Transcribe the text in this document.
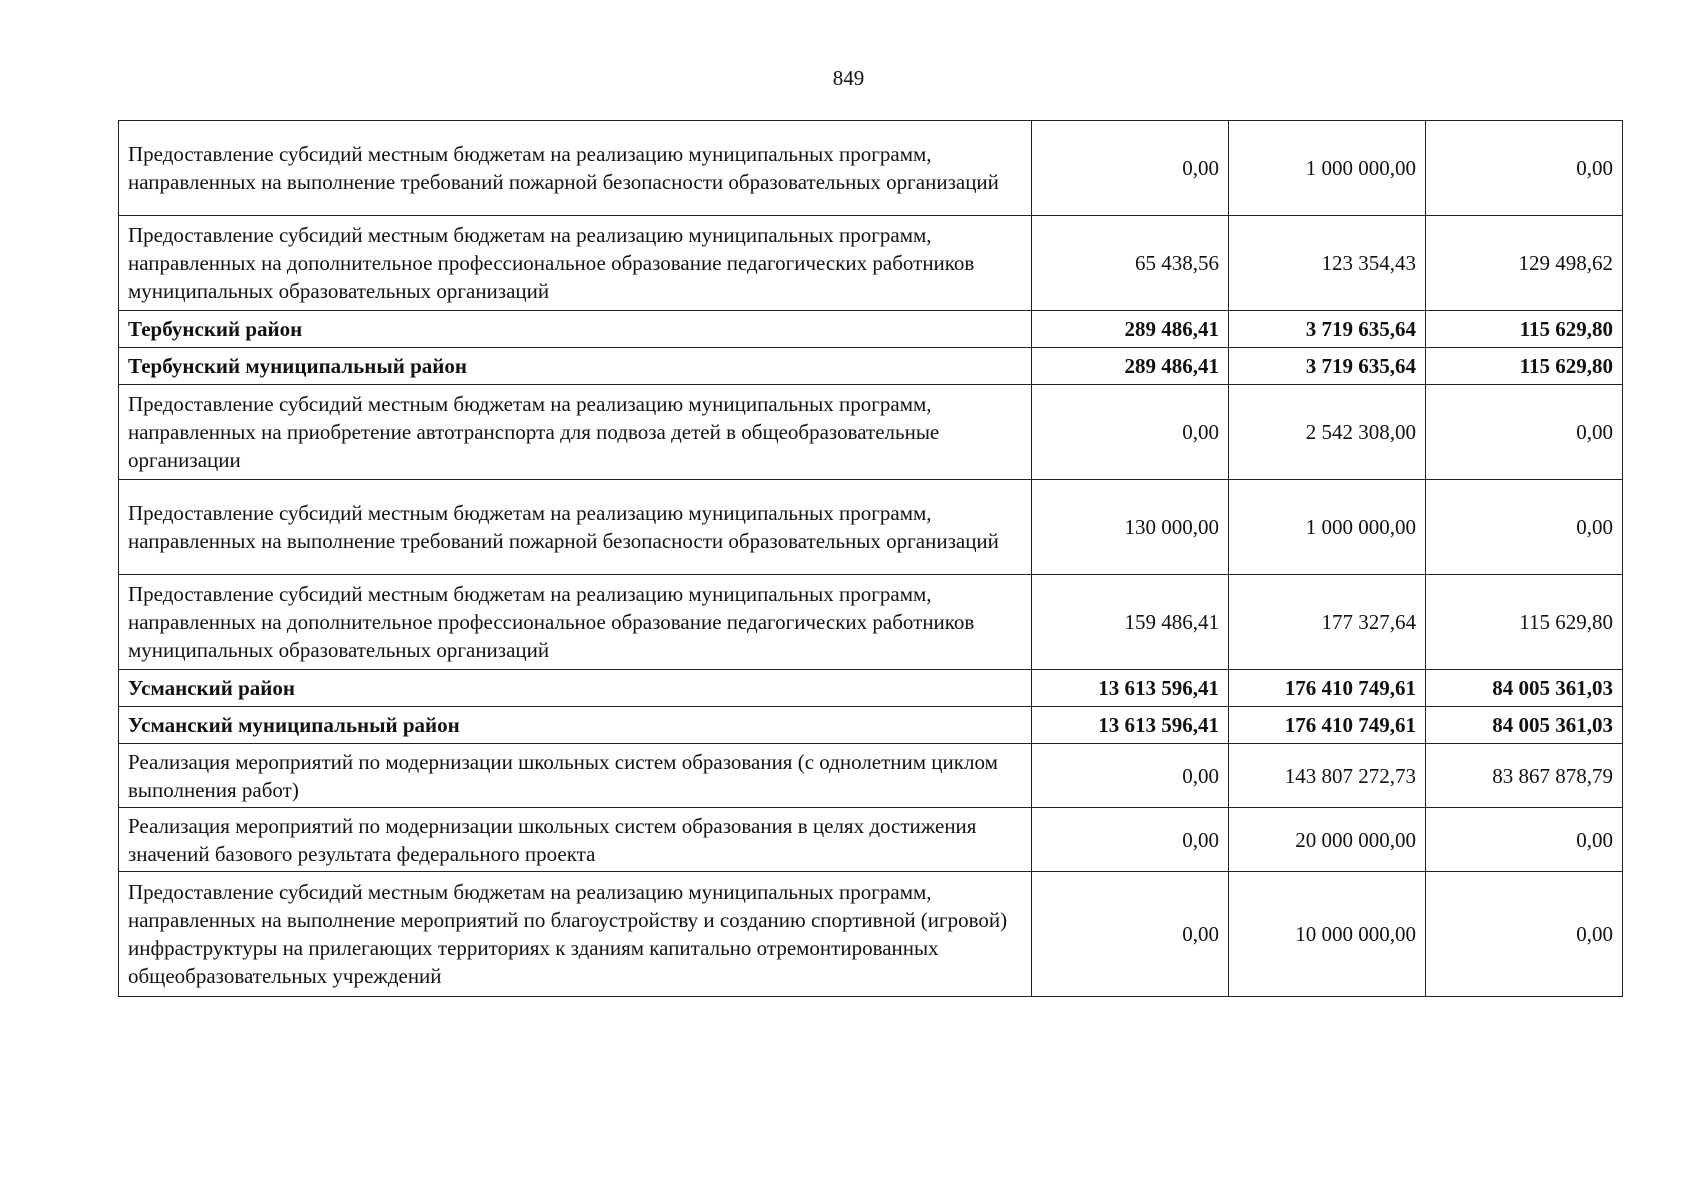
849
Предоставление субсидий местным бюджетам на реализацию муниципальных программ, направленных на выполнение требований пожарной безопасности образовательных организаций	0,00	1 000 000,00	0,00
Предоставление субсидий местным бюджетам на реализацию муниципальных программ, направленных на дополнительное профессиональное образование педагогических работников муниципальных образовательных организаций	65 438,56	123 354,43	129 498,62
Тербунский район	289 486,41	3 719 635,64	115 629,80
Тербунский муниципальный район	289 486,41	3 719 635,64	115 629,80
Предоставление субсидий местным бюджетам на реализацию муниципальных программ, направленных на приобретение автотранспорта для подвоза детей в общеобразовательные организации	0,00	2 542 308,00	0,00
Предоставление субсидий местным бюджетам на реализацию муниципальных программ, направленных на выполнение требований пожарной безопасности образовательных организаций	130 000,00	1 000 000,00	0,00
Предоставление субсидий местным бюджетам на реализацию муниципальных программ, направленных на дополнительное профессиональное образование педагогических работников муниципальных образовательных организаций	159 486,41	177 327,64	115 629,80
Усманский район	13 613 596,41	176 410 749,61	84 005 361,03
Усманский муниципальный район	13 613 596,41	176 410 749,61	84 005 361,03
Реализация мероприятий по модернизации школьных систем образования (с однолетним циклом выполнения работ)	0,00	143 807 272,73	83 867 878,79
Реализация мероприятий по модернизации школьных систем образования в целях достижения значений базового результата федерального проекта	0,00	20 000 000,00	0,00
Предоставление субсидий местным бюджетам на реализацию муниципальных программ, направленных на выполнение мероприятий по благоустройству и созданию спортивной (игровой) инфраструктуры на прилегающих территориях к зданиям капитально отремонтированных общеобразовательных учреждений	0,00	10 000 000,00	0,00
